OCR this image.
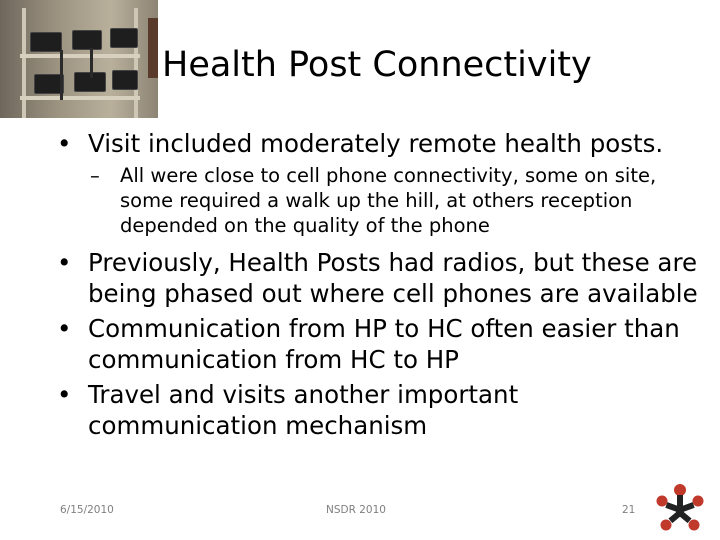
Health Post Connectivity
• Visit included moderately remote health posts.
– All were close to cell phone connectivity, some on site, some required a walk up the hill, at others reception depended on the quality of the phone
• Previously, Health Posts had radios, but these are being phased out where cell phones are available
• Communication from HP to HC often easier than communication from HC to HP
• Travel and visits another important communication mechanism
6/15/2010	NSDR 2010	21
